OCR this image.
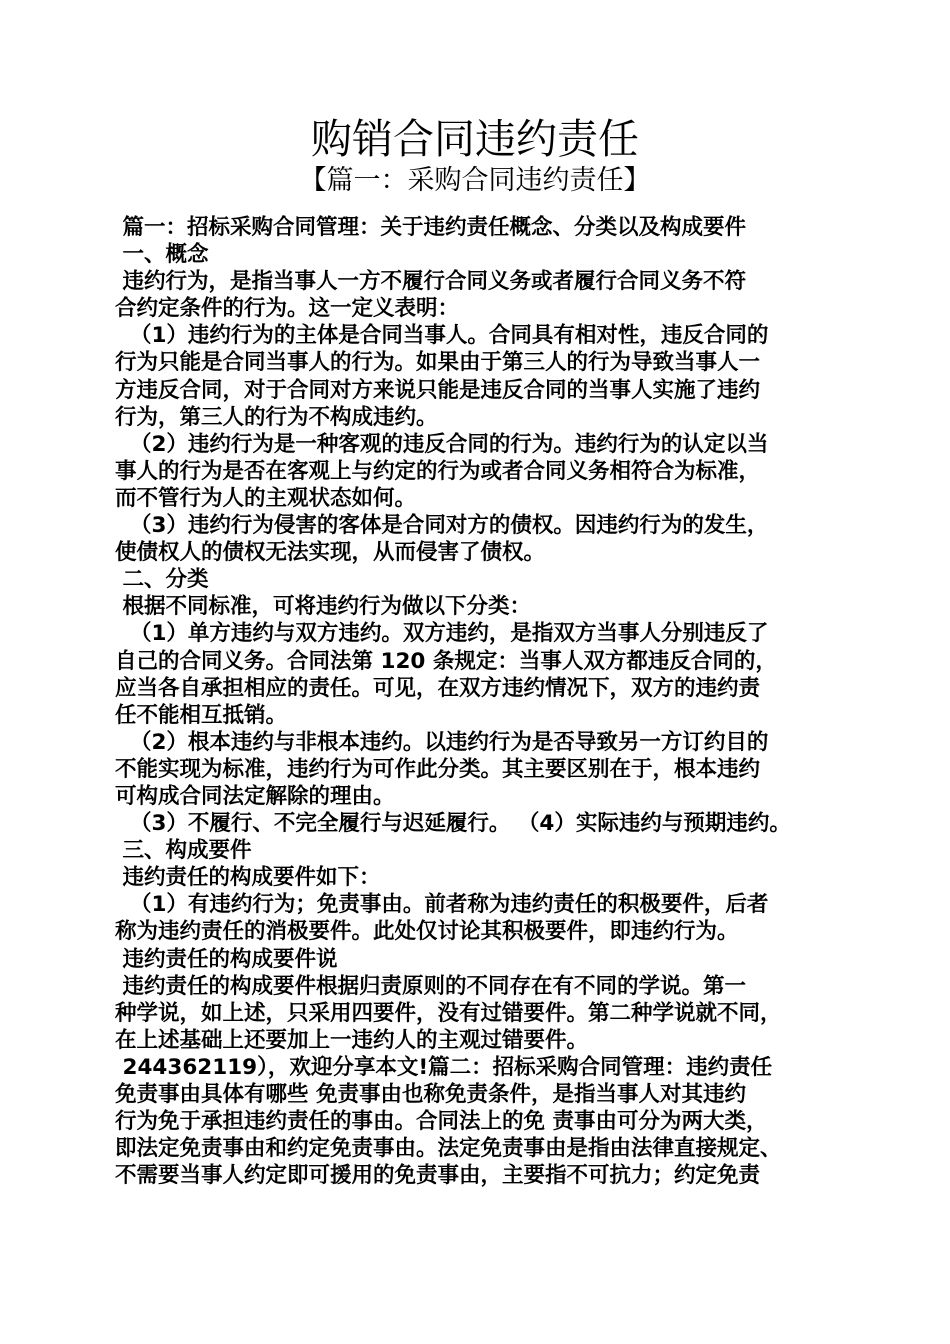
购销合同违约责任
【篇一：采购合同违约责任】
篇一：招标采购合同管理：关于违约责任概念、分类以及构成要件
一、概念
违约行为，是指当事人一方不履行合同义务或者履行合同义务不符
合约定条件的行为。这一定义表明：
（1）违约行为的主体是合同当事人。合同具有相对性，违反合同的
行为只能是合同当事人的行为。如果由于第三人的行为导致当事人一
方违反合同，对于合同对方来说只能是违反合同的当事人实施了违约
行为，第三人的行为不构成违约。
（2）违约行为是一种客观的违反合同的行为。违约行为的认定以当
事人的行为是否在客观上与约定的行为或者合同义务相符合为标准，
而不管行为人的主观状态如何。
（3）违约行为侵害的客体是合同对方的债权。因违约行为的发生，
使债权人的债权无法实现，从而侵害了债权。
二、分类
根据不同标准，可将违约行为做以下分类：
（1）单方违约与双方违约。双方违约，是指双方当事人分别违反了
自己的合同义务。合同法第 120 条规定：当事人双方都违反合同的，
应当各自承担相应的责任。可见，在双方违约情况下，双方的违约责
任不能相互抵销。
（2）根本违约与非根本违约。以违约行为是否导致另一方订约目的
不能实现为标准，违约行为可作此分类。其主要区别在于，根本违约
可构成合同法定解除的理由。
（3）不履行、不完全履行与迟延履行。 （4）实际违约与预期违约。
三、构成要件
违约责任的构成要件如下：
（1）有违约行为；免责事由。前者称为违约责任的积极要件，后者
称为违约责任的消极要件。此处仅讨论其积极要件，即违约行为。
违约责任的构成要件说
违约责任的构成要件根据归责原则的不同存在有不同的学说。第一
种学说，如上述，只采用四要件，没有过错要件。第二种学说就不同，
在上述基础上还要加上一违约人的主观过错要件。
244362119），欢迎分享本文!篇二：招标采购合同管理：违约责任
免责事由具体有哪些 免责事由也称免责条件，是指当事人对其违约
行为免于承担违约责任的事由。合同法上的免 责事由可分为两大类，
即法定免责事由和约定免责事由。法定免责事由是指由法律直接规定、
不需要当事人约定即可援用的免责事由，主要指不可抗力；约定免责
